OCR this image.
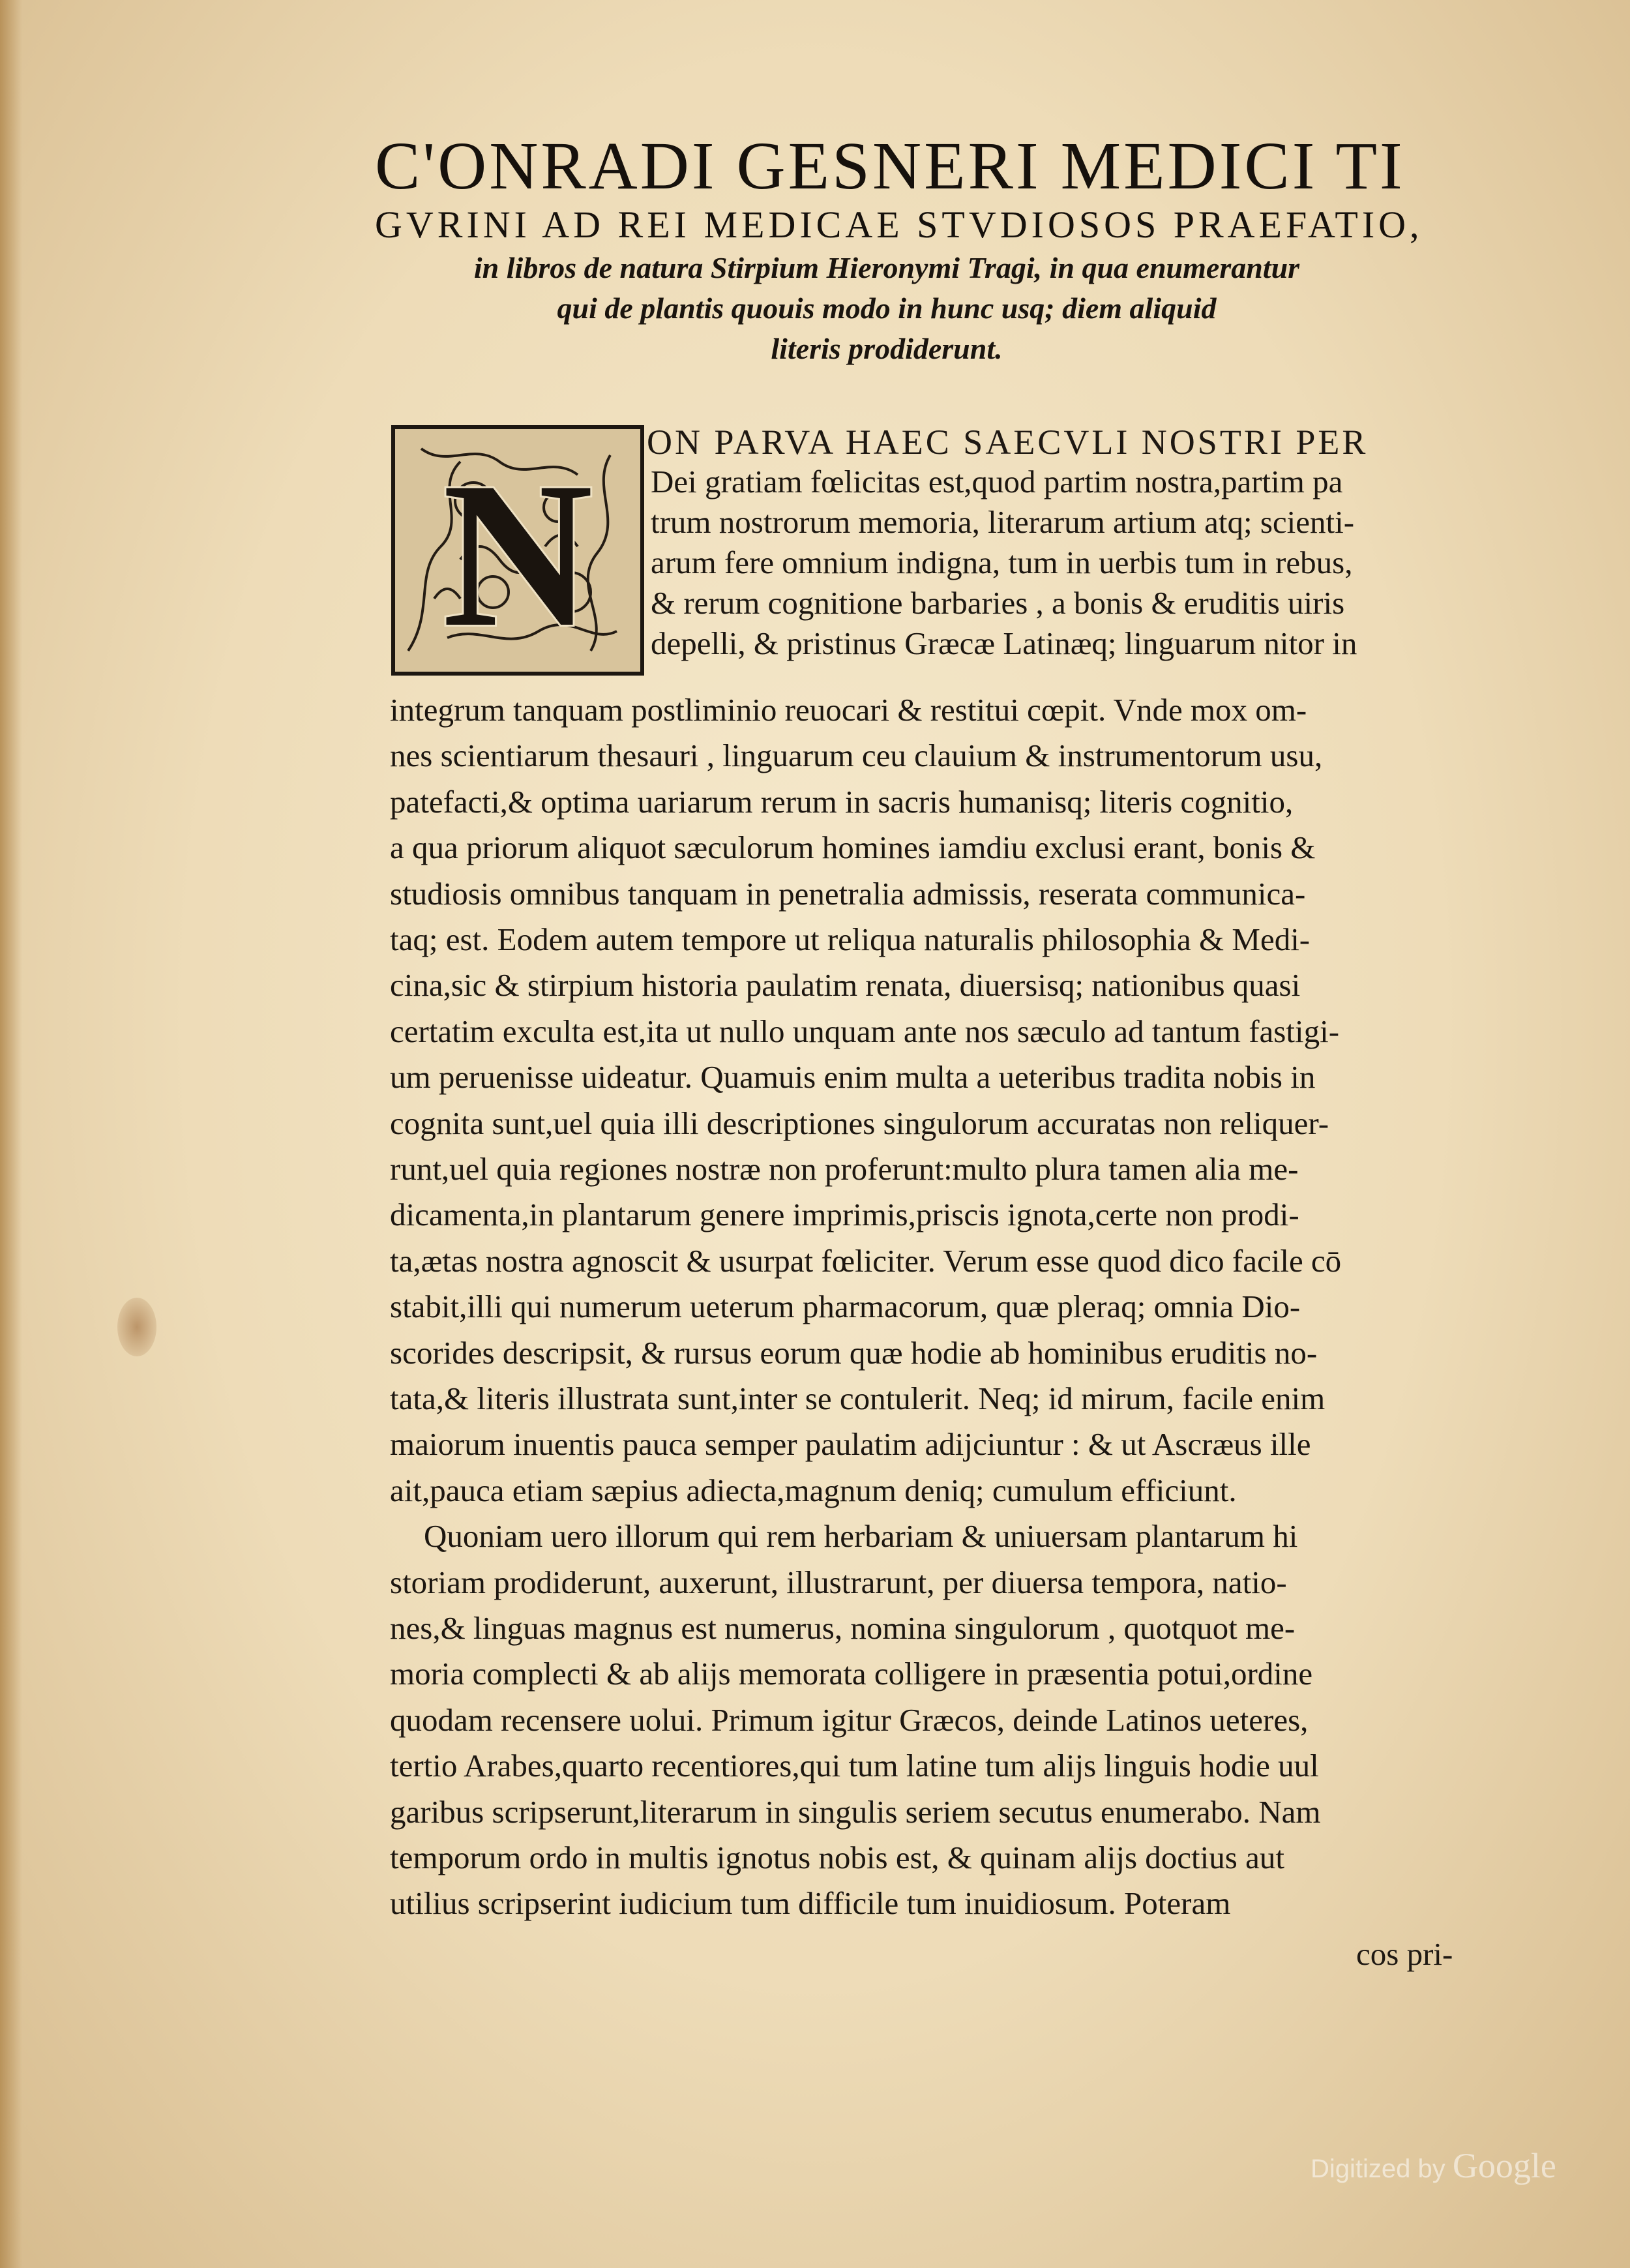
C'ONRADI GESNERI MEDICI TI
GVRINI AD REI MEDICAE STVDIOSOS PRAEFATIO,
in libros de natura Stirpium Hieronymi Tragi, in qua enumerantur
qui de plantis quouis modo in hunc usq; diem aliquid
literis prodiderunt.
N ON PARVA HAEC SAECVLI NOSTRI PER
Dei gratiam fœlicitas est,quod partim nostra,partim pa
trum nostrorum memoria, literarum artium atq; scienti-
arum fere omnium indigna, tum in uerbis tum in rebus,
& rerum cognitione barbaries , a bonis & eruditis uiris
depelli, & pristinus Græcæ Latinæq; linguarum nitor in
integrum tanquam postliminio reuocari & restitui cœpit. Vnde mox om-
nes scientiarum thesauri , linguarum ceu clauium & instrumentorum usu,
patefacti,& optima uariarum rerum in sacris humanisq; literis cognitio,
a qua priorum aliquot sæculorum homines iamdiu exclusi erant, bonis &
studiosis omnibus tanquam in penetralia admissis, reserata communica-
taq; est. Eodem autem tempore ut reliqua naturalis philosophia & Medi-
cina,sic & stirpium historia paulatim renata, diuersisq; nationibus quasi
certatim exculta est,ita ut nullo unquam ante nos sæculo ad tantum fastigi-
um peruenisse uideatur. Quamuis enim multa a ueteribus tradita nobis in
cognita sunt,uel quia illi descriptiones singulorum accuratas non reliquer-
runt,uel quia regiones nostræ non proferunt:multo plura tamen alia me-
dicamenta,in plantarum genere imprimis,priscis ignota,certe non prodi-
ta,ætas nostra agnoscit & usurpat fœliciter. Verum esse quod dico facile cō
stabit,illi qui numerum ueterum pharmacorum, quæ pleraq; omnia Dio-
scorides descripsit, & rursus eorum quæ hodie ab hominibus eruditis no-
tata,& literis illustrata sunt,inter se contulerit. Neq; id mirum, facile enim
maiorum inuentis pauca semper paulatim adijciuntur : & ut Ascræus ille
ait,pauca etiam sæpius adiecta,magnum deniq; cumulum efficiunt.
Quoniam uero illorum qui rem herbariam & uniuersam plantarum hi
storiam prodiderunt, auxerunt, illustrarunt, per diuersa tempora, natio-
nes,& linguas magnus est numerus, nomina singulorum , quotquot me-
moria complecti & ab alijs memorata colligere in præsentia potui,ordine
quodam recensere uolui. Primum igitur Græcos, deinde Latinos ueteres,
tertio Arabes,quarto recentiores,qui tum latine tum alijs linguis hodie uul
garibus scripserunt,literarum in singulis seriem secutus enumerabo. Nam
temporum ordo in multis ignotus nobis est, & quinam alijs doctius aut
utilius scripserint iudicium tum difficile tum inuidiosum. Poteram
cos pri-
Digitized by Google
